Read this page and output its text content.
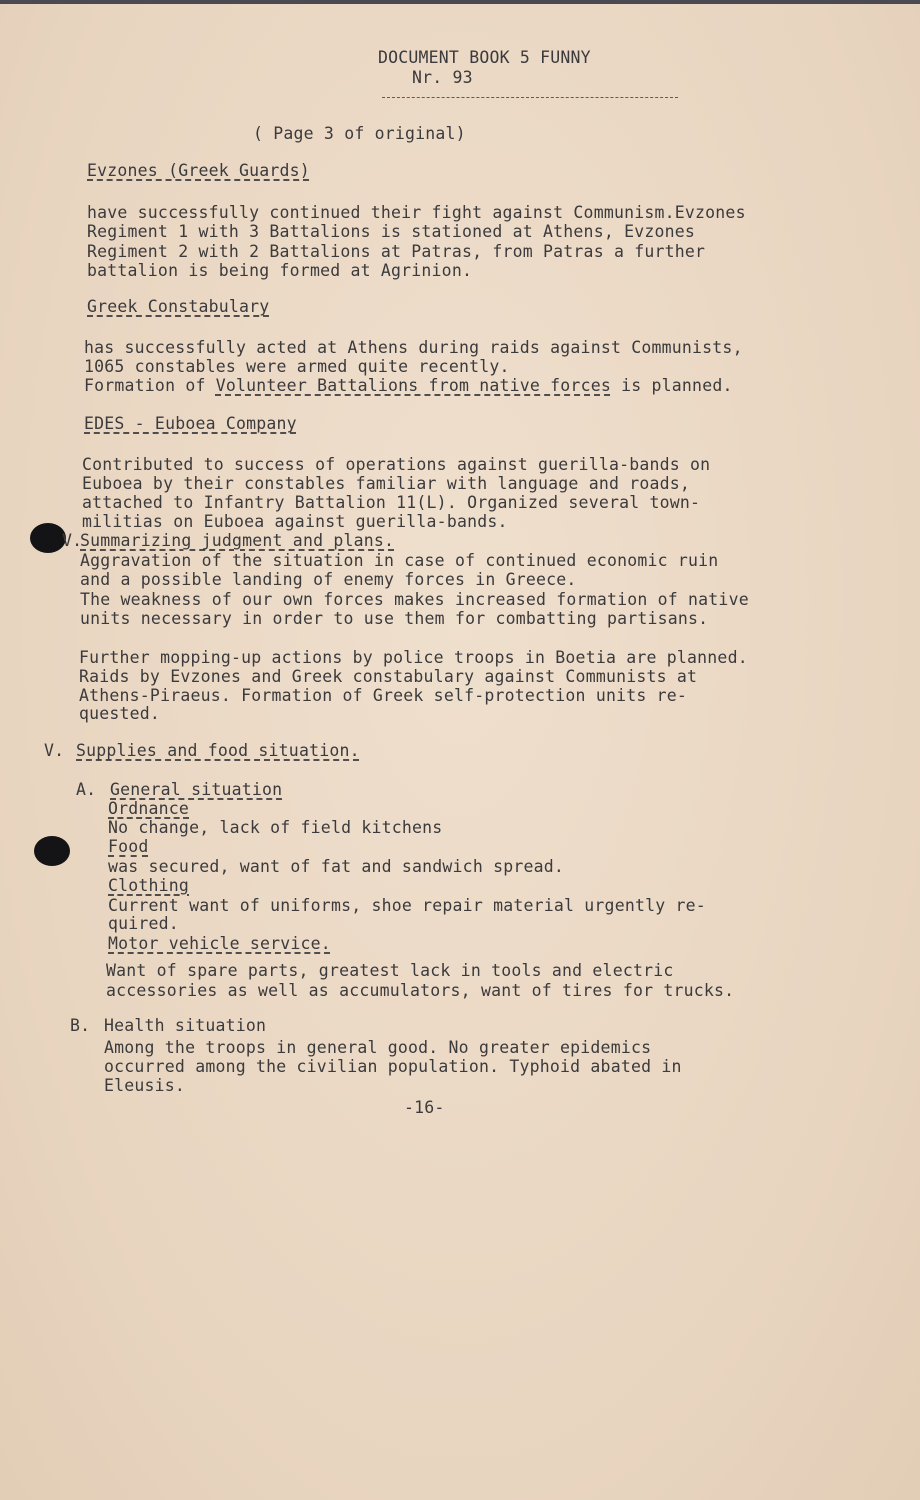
DOCUMENT BOOK 5 FUNNY
Nr. 93
( Page 3 of original)
Evzones (Greek Guards)
have successfully continued their fight against Communism.Evzones
Regiment 1 with 3 Battalions is stationed at Athens, Evzones
Regiment 2 with 2 Battalions at Patras, from Patras a further
battalion is being formed at Agrinion.
Greek Constabulary
has successfully acted at Athens during raids against Communists,
1065 constables were armed quite recently.
Formation of Volunteer Battalions from native forces is planned.
EDES - Euboea Company
Contributed to success of operations against guerilla-bands on
Euboea by their constables familiar with language and roads,
attached to Infantry Battalion 11(L). Organized several town-
militias on Euboea against guerilla-bands.
V.
Summarizing judgment and plans.
Aggravation of the situation in case of continued economic ruin
and a possible landing of enemy forces in Greece.
The weakness of our own forces makes increased formation of native
units necessary in order to use them for combatting partisans.
Further mopping-up actions by police troops in Boetia are planned.
Raids by Evzones and Greek constabulary against Communists at
Athens-Piraeus. Formation of Greek self-protection units re-
quested.
V. Supplies and food situation.
A. General situation
Ordnance
No change, lack of field kitchens
Food
was secured, want of fat and sandwich spread.
Clothing
Current want of uniforms, shoe repair material urgently re-
quired.
Motor vehicle service.
Want of spare parts, greatest lack in tools and electric
accessories as well as accumulators, want of tires for trucks.
B. Health situation
Among the troops in general good. No greater epidemics
occurred among the civilian population. Typhoid abated in
Eleusis.
-16-
